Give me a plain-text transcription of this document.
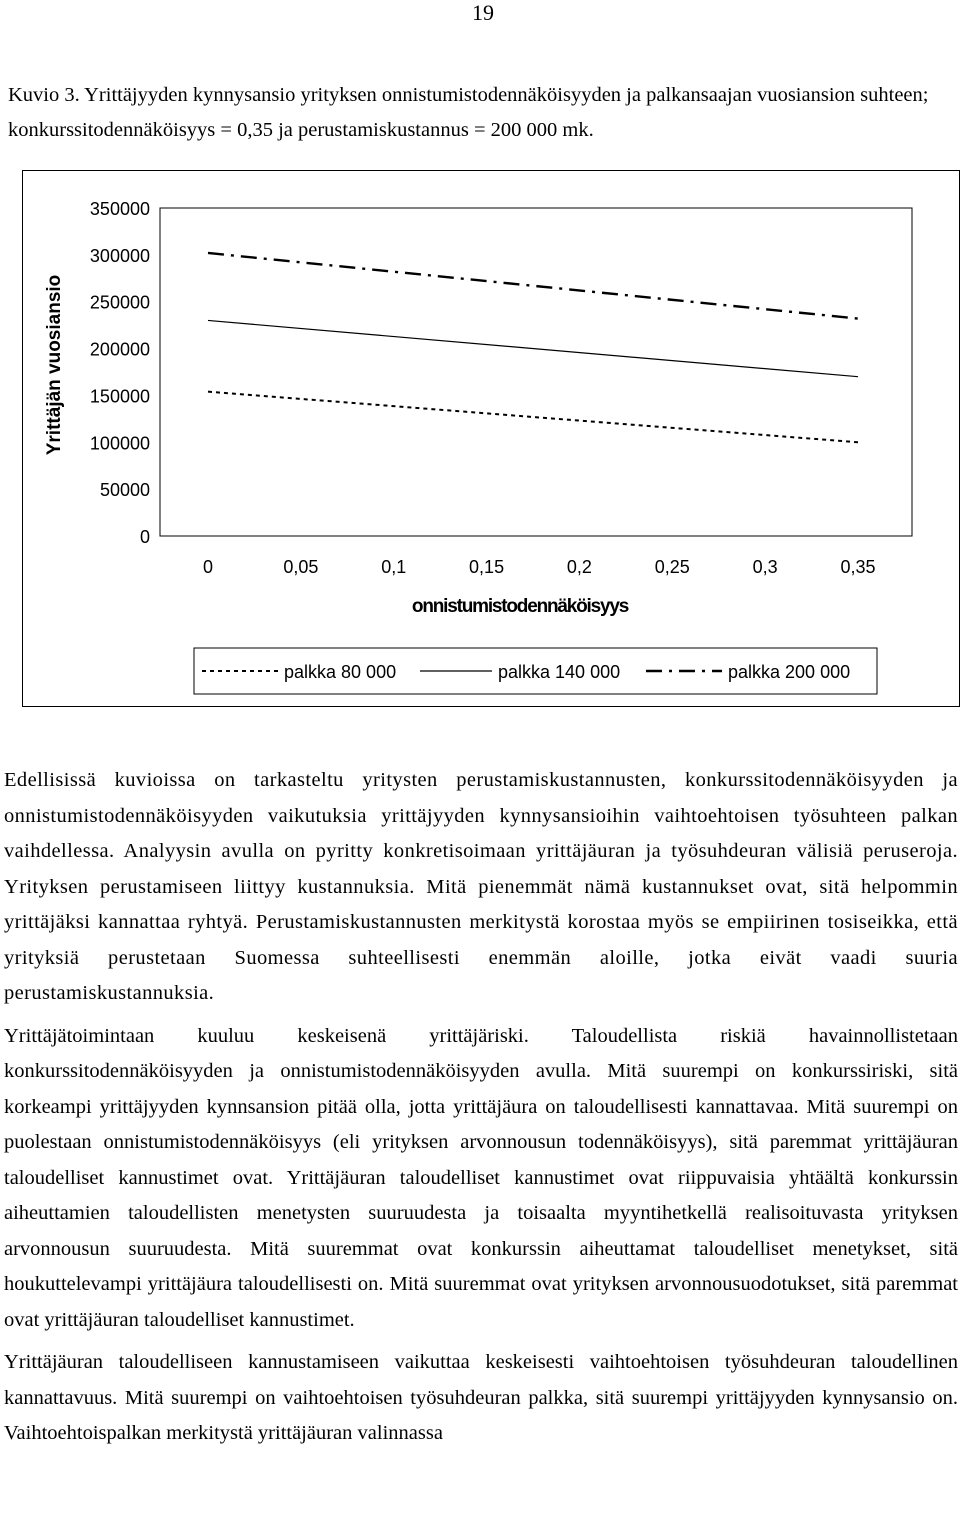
19
Kuvio 3. Yrittäjyyden kynnysansio yrityksen onnistumistodennäköisyyden ja palkansaajan vuosiansion suhteen; konkurssitodennäköisyys = 0,35 ja perustamiskustannus = 200 000 mk.
0
50000
100000
150000
200000
250000
300000
350000
0	0,05	0,1	0,15	0,2	0,25	0,3	0,35
Yrittäjän vuosiansio
onnistumistodennäköisyys
palkka 80 000	palkka 140 000	palkka 200 000

Edellisissä kuvioissa on tarkasteltu yritysten perustamiskustannusten, konkurssitodennäköisyyden ja onnistumistodennäköisyyden vaikutuksia yrittäjyyden kynnysansioihin vaihtoehtoisen työsuhteen palkan vaihdellessa. Analyysin avulla on pyritty konkretisoimaan yrittäjäuran ja työsuhdeuran välisiä peruseroja. Yrityksen perustamiseen liittyy kustannuksia. Mitä pienemmät nämä kustannukset ovat, sitä helpommin yrittäjäksi kannattaa ryhtyä. Perustamiskustannusten merkitystä korostaa myös se empiirinen tosiseikka, että yrityksiä perustetaan Suomessa suhteellisesti enemmän aloille, jotka eivät vaadi suuria perustamiskustannuksia.

Yrittäjätoimintaan kuuluu keskeisenä yrittäjäriski. Taloudellista riskiä havainnollistetaan konkurssitodennäköisyyden ja onnistumistodennäköisyyden avulla. Mitä suurempi on konkurssiriski, sitä korkeampi yrittäjyyden kynnsansion pitää olla, jotta yrittäjäura on taloudellisesti kannattavaa. Mitä suurempi on puolestaan onnistumistodennäköisyys (eli yrityksen arvonnousun todennäköisyys), sitä paremmat yrittäjäuran taloudelliset kannustimet ovat. Yrittäjäuran taloudelliset kannustimet ovat riippuvaisia yhtäältä konkurssin aiheuttamien taloudellisten menetysten suuruudesta ja toisaalta myyntihetkellä realisoituvasta yrityksen arvonnousun suuruudesta. Mitä suuremmat ovat konkurssin aiheuttamat taloudelliset menetykset, sitä houkuttelevampi yrittäjäura taloudellisesti on. Mitä suuremmat ovat yrityksen arvonnousuodotukset, sitä paremmat ovat yrittäjäuran taloudelliset kannustimet.

Yrittäjäuran taloudelliseen kannustamiseen vaikuttaa keskeisesti vaihtoehtoisen työsuhdeuran taloudellinen kannattavuus. Mitä suurempi on vaihtoehtoisen työsuhdeuran palkka, sitä suurempi yrittäjyyden kynnysansio on. Vaihtoehtoispalkan merkitystä yrittäjäuran valinnassa
